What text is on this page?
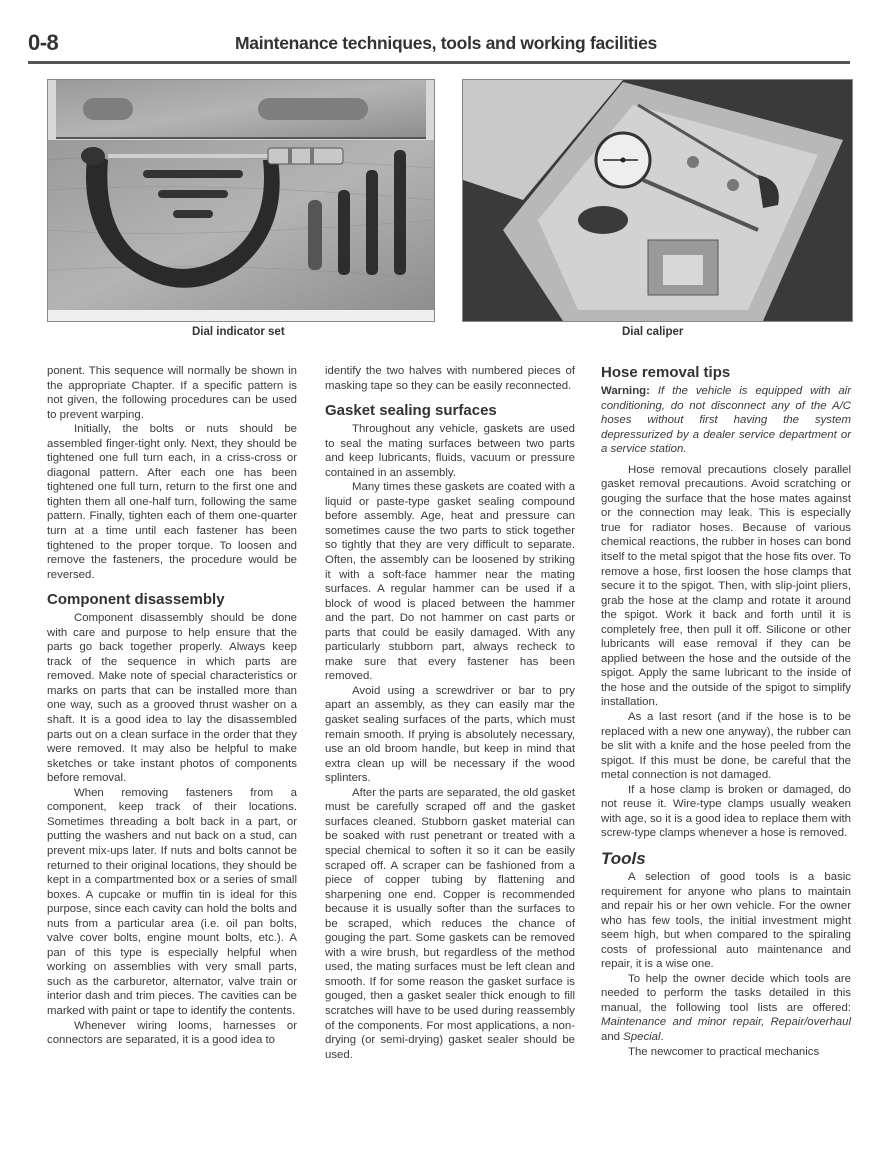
0-8	Maintenance techniques, tools and working facilities
Dial indicator set	Dial caliper

ponent. This sequence will normally be shown in the appropriate Chapter. If a specific pattern is not given, the following procedures can be used to prevent warping.

Initially, the bolts or nuts should be assembled finger-tight only. Next, they should be tightened one full turn each, in a criss-cross or diagonal pattern. After each one has been tightened one full turn, return to the first one and tighten them all one-half turn, following the same pattern. Finally, tighten each of them one-quarter turn at a time until each fastener has been tightened to the proper torque. To loosen and remove the fasteners, the procedure would be reversed.

Component disassembly

Component disassembly should be done with care and purpose to help ensure that the parts go back together properly. Always keep track of the sequence in which parts are removed. Make note of special characteristics or marks on parts that can be installed more than one way, such as a grooved thrust washer on a shaft. It is a good idea to lay the disassembled parts out on a clean surface in the order that they were removed. It may also be helpful to make sketches or take instant photos of components before removal.

When removing fasteners from a component, keep track of their locations. Sometimes threading a bolt back in a part, or putting the washers and nut back on a stud, can prevent mix-ups later. If nuts and bolts cannot be returned to their original locations, they should be kept in a compartmented box or a series of small boxes. A cupcake or muffin tin is ideal for this purpose, since each cavity can hold the bolts and nuts from a particular area (i.e. oil pan bolts, valve cover bolts, engine mount bolts, etc.). A pan of this type is especially helpful when working on assemblies with very small parts, such as the carburetor, alternator, valve train or interior dash and trim pieces. The cavities can be marked with paint or tape to identify the contents.

Whenever wiring looms, harnesses or connectors are separated, it is a good idea to

identify the two halves with numbered pieces of masking tape so they can be easily reconnected.

Gasket sealing surfaces

Throughout any vehicle, gaskets are used to seal the mating surfaces between two parts and keep lubricants, fluids, vacuum or pressure contained in an assembly.

Many times these gaskets are coated with a liquid or paste-type gasket sealing compound before assembly. Age, heat and pressure can sometimes cause the two parts to stick together so tightly that they are very difficult to separate. Often, the assembly can be loosened by striking it with a soft-face hammer near the mating surfaces. A regular hammer can be used if a block of wood is placed between the hammer and the part. Do not hammer on cast parts or parts that could be easily damaged. With any particularly stubborn part, always recheck to make sure that every fastener has been removed.

Avoid using a screwdriver or bar to pry apart an assembly, as they can easily mar the gasket sealing surfaces of the parts, which must remain smooth. If prying is absolutely necessary, use an old broom handle, but keep in mind that extra clean up will be necessary if the wood splinters.

After the parts are separated, the old gasket must be carefully scraped off and the gasket surfaces cleaned. Stubborn gasket material can be soaked with rust penetrant or treated with a special chemical to soften it so it can be easily scraped off. A scraper can be fashioned from a piece of copper tubing by flattening and sharpening one end. Copper is recommended because it is usually softer than the surfaces to be scraped, which reduces the chance of gouging the part. Some gaskets can be removed with a wire brush, but regardless of the method used, the mating surfaces must be left clean and smooth. If for some reason the gasket surface is gouged, then a gasket sealer thick enough to fill scratches will have to be used during reassembly of the components. For most applications, a non-drying (or semi-drying) gasket sealer should be used.

Hose removal tips

Warning: If the vehicle is equipped with air conditioning, do not disconnect any of the A/C hoses without first having the system depressurized by a dealer service department or a service station.

Hose removal precautions closely parallel gasket removal precautions. Avoid scratching or gouging the surface that the hose mates against or the connection may leak. This is especially true for radiator hoses. Because of various chemical reactions, the rubber in hoses can bond itself to the metal spigot that the hose fits over. To remove a hose, first loosen the hose clamps that secure it to the spigot. Then, with slip-joint pliers, grab the hose at the clamp and rotate it around the spigot. Work it back and forth until it is completely free, then pull it off. Silicone or other lubricants will ease removal if they can be applied between the hose and the outside of the spigot. Apply the same lubricant to the inside of the hose and the outside of the spigot to simplify installation.

As a last resort (and if the hose is to be replaced with a new one anyway), the rubber can be slit with a knife and the hose peeled from the spigot. If this must be done, be careful that the metal connection is not damaged.

If a hose clamp is broken or damaged, do not reuse it. Wire-type clamps usually weaken with age, so it is a good idea to replace them with screw-type clamps whenever a hose is removed.

Tools

A selection of good tools is a basic requirement for anyone who plans to maintain and repair his or her own vehicle. For the owner who has few tools, the initial investment might seem high, but when compared to the spiraling costs of professional auto maintenance and repair, it is a wise one.

To help the owner decide which tools are needed to perform the tasks detailed in this manual, the following tool lists are offered: Maintenance and minor repair, Repair/overhaul and Special.

The newcomer to practical mechanics
